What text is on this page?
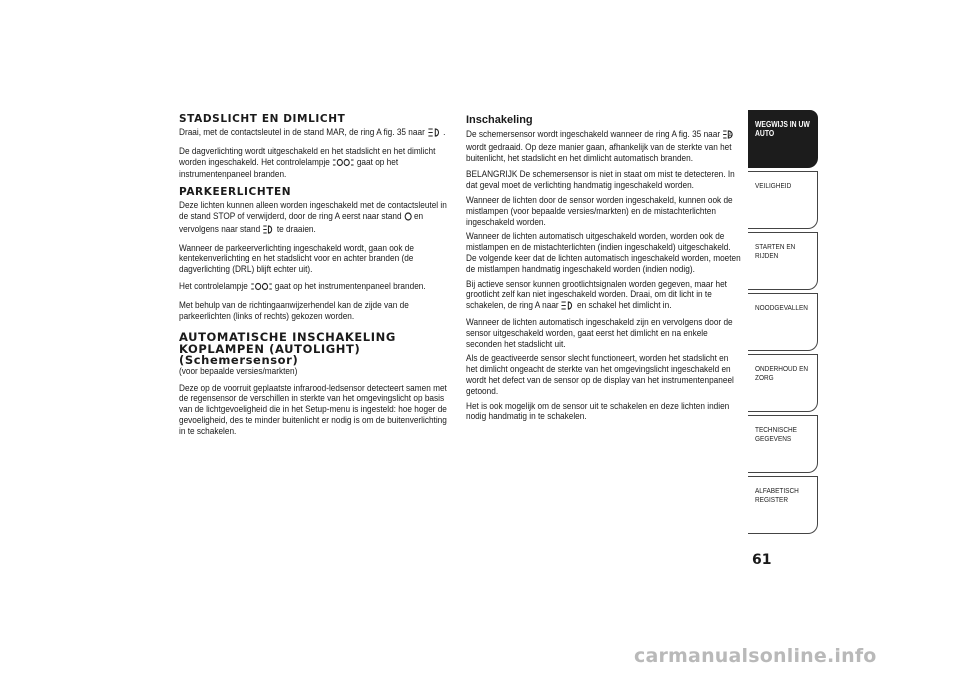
STADSLICHT EN DIMLICHT

Draai, met de contactsleutel in de stand MAR, de ring A fig. 35 naar .

De dagverlichting wordt uitgeschakeld en het stadslicht en het dimlicht worden ingeschakeld. Het controlelampje	gaat op het instrumentenpaneel branden.

PARKEERLICHTEN

Deze lichten kunnen alleen worden ingeschakeld met de contactsleutel in de stand STOP of verwijderd, door de ring A eerst naar stand en vervolgens naar stand te draaien.

Wanneer de parkeerverlichting ingeschakeld wordt, gaan ook de kentekenverlichting en het stadslicht voor en achter branden (de dagverlichting (DRL) blijft echter uit).

Het controlelampje	gaat op het instrumentenpaneel branden.

Met behulp van de richtingaanwijzerhendel kan de zijde van de parkeerlichten (links of rechts) gekozen worden.

AUTOMATISCHE INSCHAKELING
KOPLAMPEN (AUTOLIGHT)
(Schemersensor)

(voor bepaalde versies/markten)

Deze op de voorruit geplaatste infrarood-ledsensor detecteert samen met de regensensor de verschillen in sterkte van het omgevingslicht op basis van de lichtgevoeligheid die in het Setup-menu is ingesteld: hoe hoger de gevoeligheid, des te minder buitenlicht er nodig is om de buitenverlichting in te schakelen.

Inschakeling

De schemersensor wordt ingeschakeld wanneer de ring A fig. 35 naar A
wordt gedraaid. Op deze manier gaan, afhankelijk van de sterkte van het buitenlicht, het stadslicht en het dimlicht automatisch branden.

BELANGRIJK De schemersensor is niet in staat om mist te detecteren. In dat geval moet de verlichting handmatig ingeschakeld worden.

Wanneer de lichten door de sensor worden ingeschakeld, kunnen ook de mistlampen (voor bepaalde versies/markten) en de mistachterlichten ingeschakeld worden.

Wanneer de lichten automatisch uitgeschakeld worden, worden ook de mistlampen en de mistachterlichten (indien ingeschakeld) uitgeschakeld. De volgende keer dat de lichten automatisch ingeschakeld worden, moeten de mistlampen handmatig ingeschakeld worden (indien nodig).

Bij actieve sensor kunnen grootlichtsignalen worden gegeven, maar het grootlicht zelf kan niet ingeschakeld worden. Draai, om dit licht in te schakelen, de ring A naar en schakel het dimlicht in.

Wanneer de lichten automatisch ingeschakeld zijn en vervolgens door de sensor uitgeschakeld worden, gaat eerst het dimlicht en na enkele seconden het stadslicht uit.

Als de geactiveerde sensor slecht functioneert, worden het stadslicht en het dimlicht ongeacht de sterkte van het omgevingslicht ingeschakeld en wordt het defect van de sensor op de display van het instrumentenpaneel getoond.

Het is ook mogelijk om de sensor uit te schakelen en deze lichten indien nodig handmatig in te schakelen.

WEGWIJS IN UW AUTO
VEILIGHEID
STARTEN EN RIJDEN
NOODGEVALLEN
ONDERHOUD EN ZORG
TECHNISCHE GEGEVENS
ALFABETISCH REGISTER
61
carmanualsonline.info
